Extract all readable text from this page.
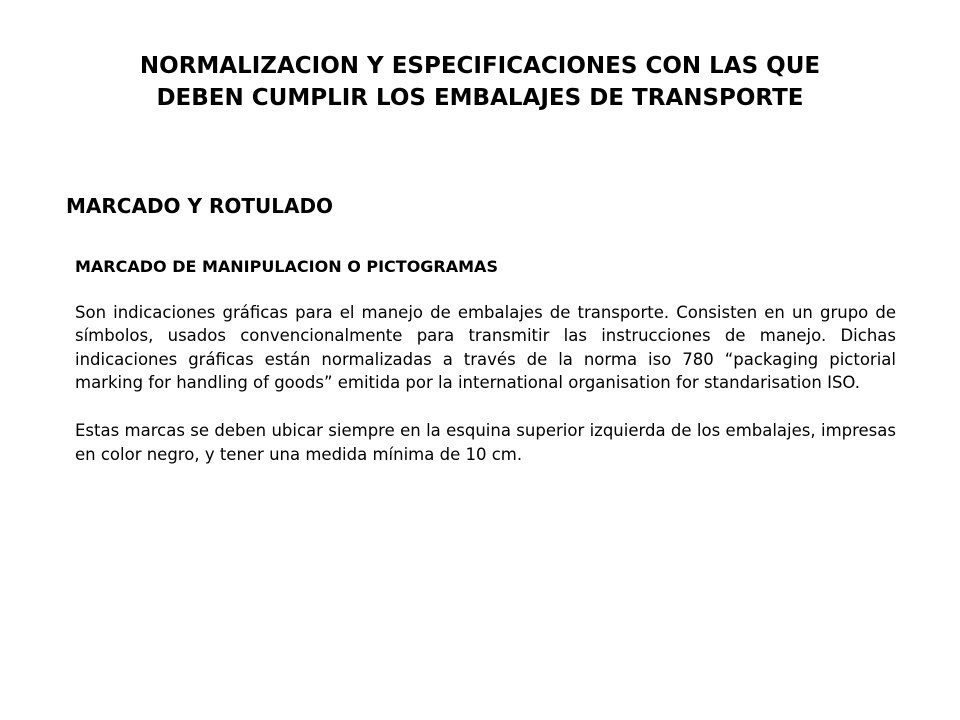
NORMALIZACION Y ESPECIFICACIONES CON LAS QUE
DEBEN CUMPLIR LOS EMBALAJES DE TRANSPORTE
MARCADO Y ROTULADO

MARCADO DE MANIPULACION O PICTOGRAMAS

Son indicaciones gráficas para el manejo de embalajes de transporte. Consisten en un grupo de símbolos, usados convencionalmente para transmitir las instrucciones de manejo. Dichas indicaciones gráficas están normalizadas a través de la norma iso 780 “packaging pictorial marking for handling of goods” emitida por la international organisation for standarisation ISO.

Estas marcas se deben ubicar siempre en la esquina superior izquierda de los embalajes, impresas en color negro, y tener una medida mínima de 10 cm.
